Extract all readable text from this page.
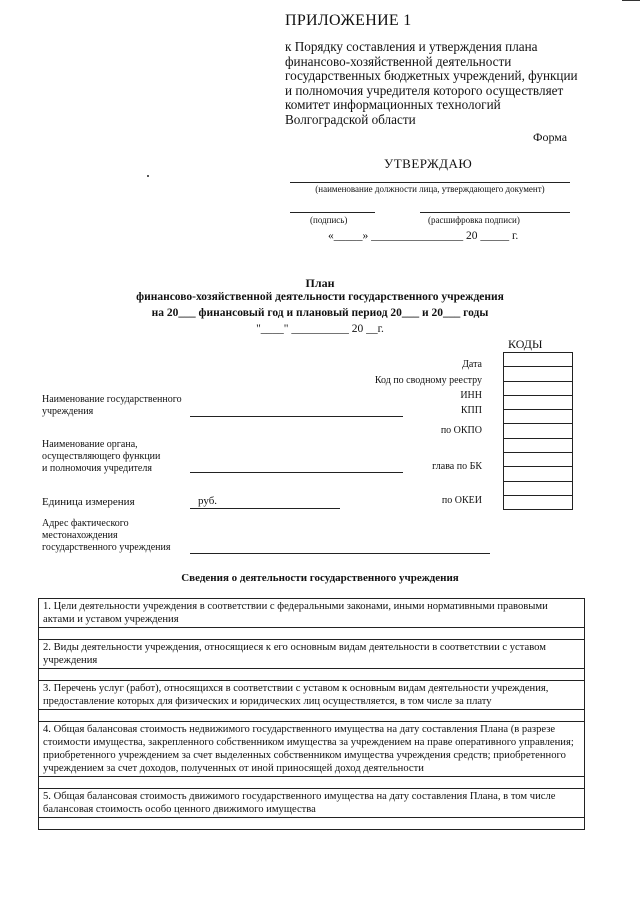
ПРИЛОЖЕНИЕ 1
к Порядку составления и утверждения плана финансово-хозяйственной деятельности государственных бюджетных учреждений, функции и полномочия учредителя которого осуществляет комитет информационных технологий Волгоградской области
Форма
УТВЕРЖДАЮ
(наименование должности лица, утверждающего документ)
(подпись)	(расшифровка подписи)
«_____» ________________ 20 _____ г.
План
финансово-хозяйственной деятельности государственного учреждения
на 20___ финансовый год и плановый период 20___ и 20___ годы
"____" __________ 20 __г.
КОДЫ

Дата
Код по сводному реестру
ИНН
КПП
по ОКПО
глава по БК
по ОКЕИ
Наименование государственного учреждения
Наименование органа, осуществляющего функции и полномочия учредителя
Единица измерения	руб.
Адрес фактического местонахождения государственного учреждения
Сведения о деятельности государственного учреждения
1. Цели деятельности учреждения в соответствии с федеральными законами, иными нормативными правовыми актами и уставом учреждения

2. Виды деятельности учреждения, относящиеся к его основным видам деятельности в соответствии с уставом учреждения

3. Перечень услуг (работ), относящихся в соответствии с уставом к основным видам деятельности учреждения, предоставление которых для физических и юридических лиц осуществляется, в том числе за плату

4. Общая балансовая стоимость недвижимого государственного имущества на дату составления Плана (в разрезе стоимости имущества, закрепленного собственником имущества за учреждением на праве оперативного управления; приобретенного учреждением за счет выделенных собственником имущества учреждения средств; приобретенного учреждением за счет доходов, полученных от иной приносящей доход деятельности

5. Общая балансовая стоимость движимого государственного имущества на дату составления Плана, в том числе балансовая стоимость особо ценного движимого имущества
